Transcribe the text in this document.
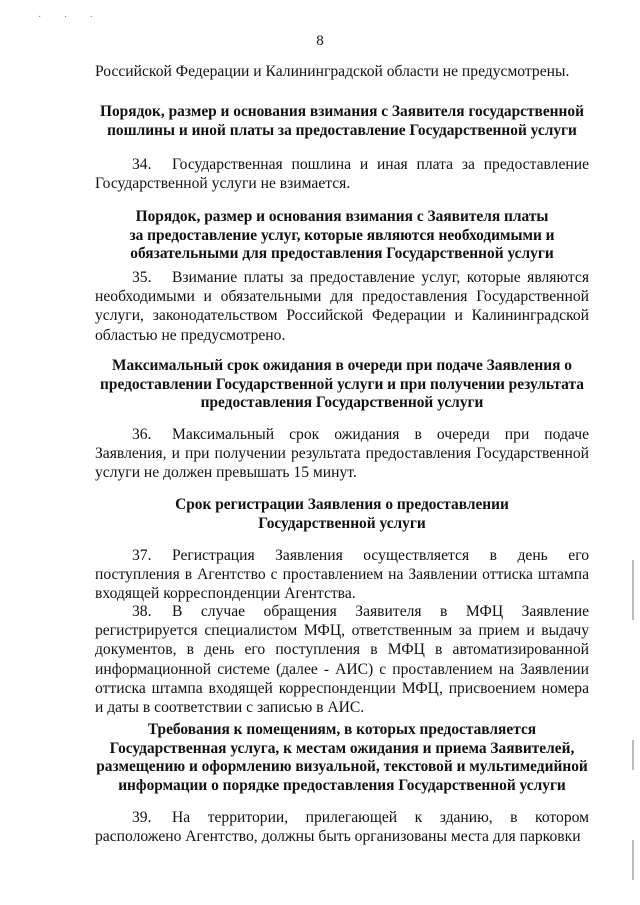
· · ·
8

Российской Федерации и Калининградской области не предусмотрены.

Порядок, размер и основания взимания с Заявителя государственной

пошлины и иной платы за предоставление Государственной услуги

34. Государственная пошлина и иная плата за предоставление Государственной услуги не взимается.

Порядок, размер и основания взимания с Заявителя платы

за предоставление услуг, которые являются необходимыми и

обязательными для предоставления Государственной услуги

35. Взимание платы за предоставление услуг, которые являются необходимыми и обязательными для предоставления Государственной услуги, законодательством Российской Федерации и Калининградской областью не предусмотрено.

Максимальный срок ожидания в очереди при подаче Заявления о

предоставлении Государственной услуги и при получении результата

предоставления Государственной услуги

36. Максимальный срок ожидания в очереди при подаче Заявления, и при получении результата предоставления Государственной услуги не должен превышать 15 минут.

Срок регистрации Заявления о предоставлении

Государственной услуги

37. Регистрация Заявления осуществляется в день его поступления в Агентство с проставлением на Заявлении оттиска штампа входящей корреспонденции Агентства.

38. В случае обращения Заявителя в МФЦ Заявление регистрируется специалистом МФЦ, ответственным за прием и выдачу документов, в день его поступления в МФЦ в автоматизированной информационной системе (далее - АИС) с проставлением на Заявлении оттиска штампа входящей корреспонденции МФЦ, присвоением номера и даты в соответствии с записью в АИС.

Требования к помещениям, в которых предоставляется

Государственная услуга, к местам ожидания и приема Заявителей,

размещению и оформлению визуальной, текстовой и мультимедийной

информации о порядке предоставления Государственной услуги

39. На территории, прилегающей к зданию, в котором расположено Агентство, должны быть организованы места для парковки
